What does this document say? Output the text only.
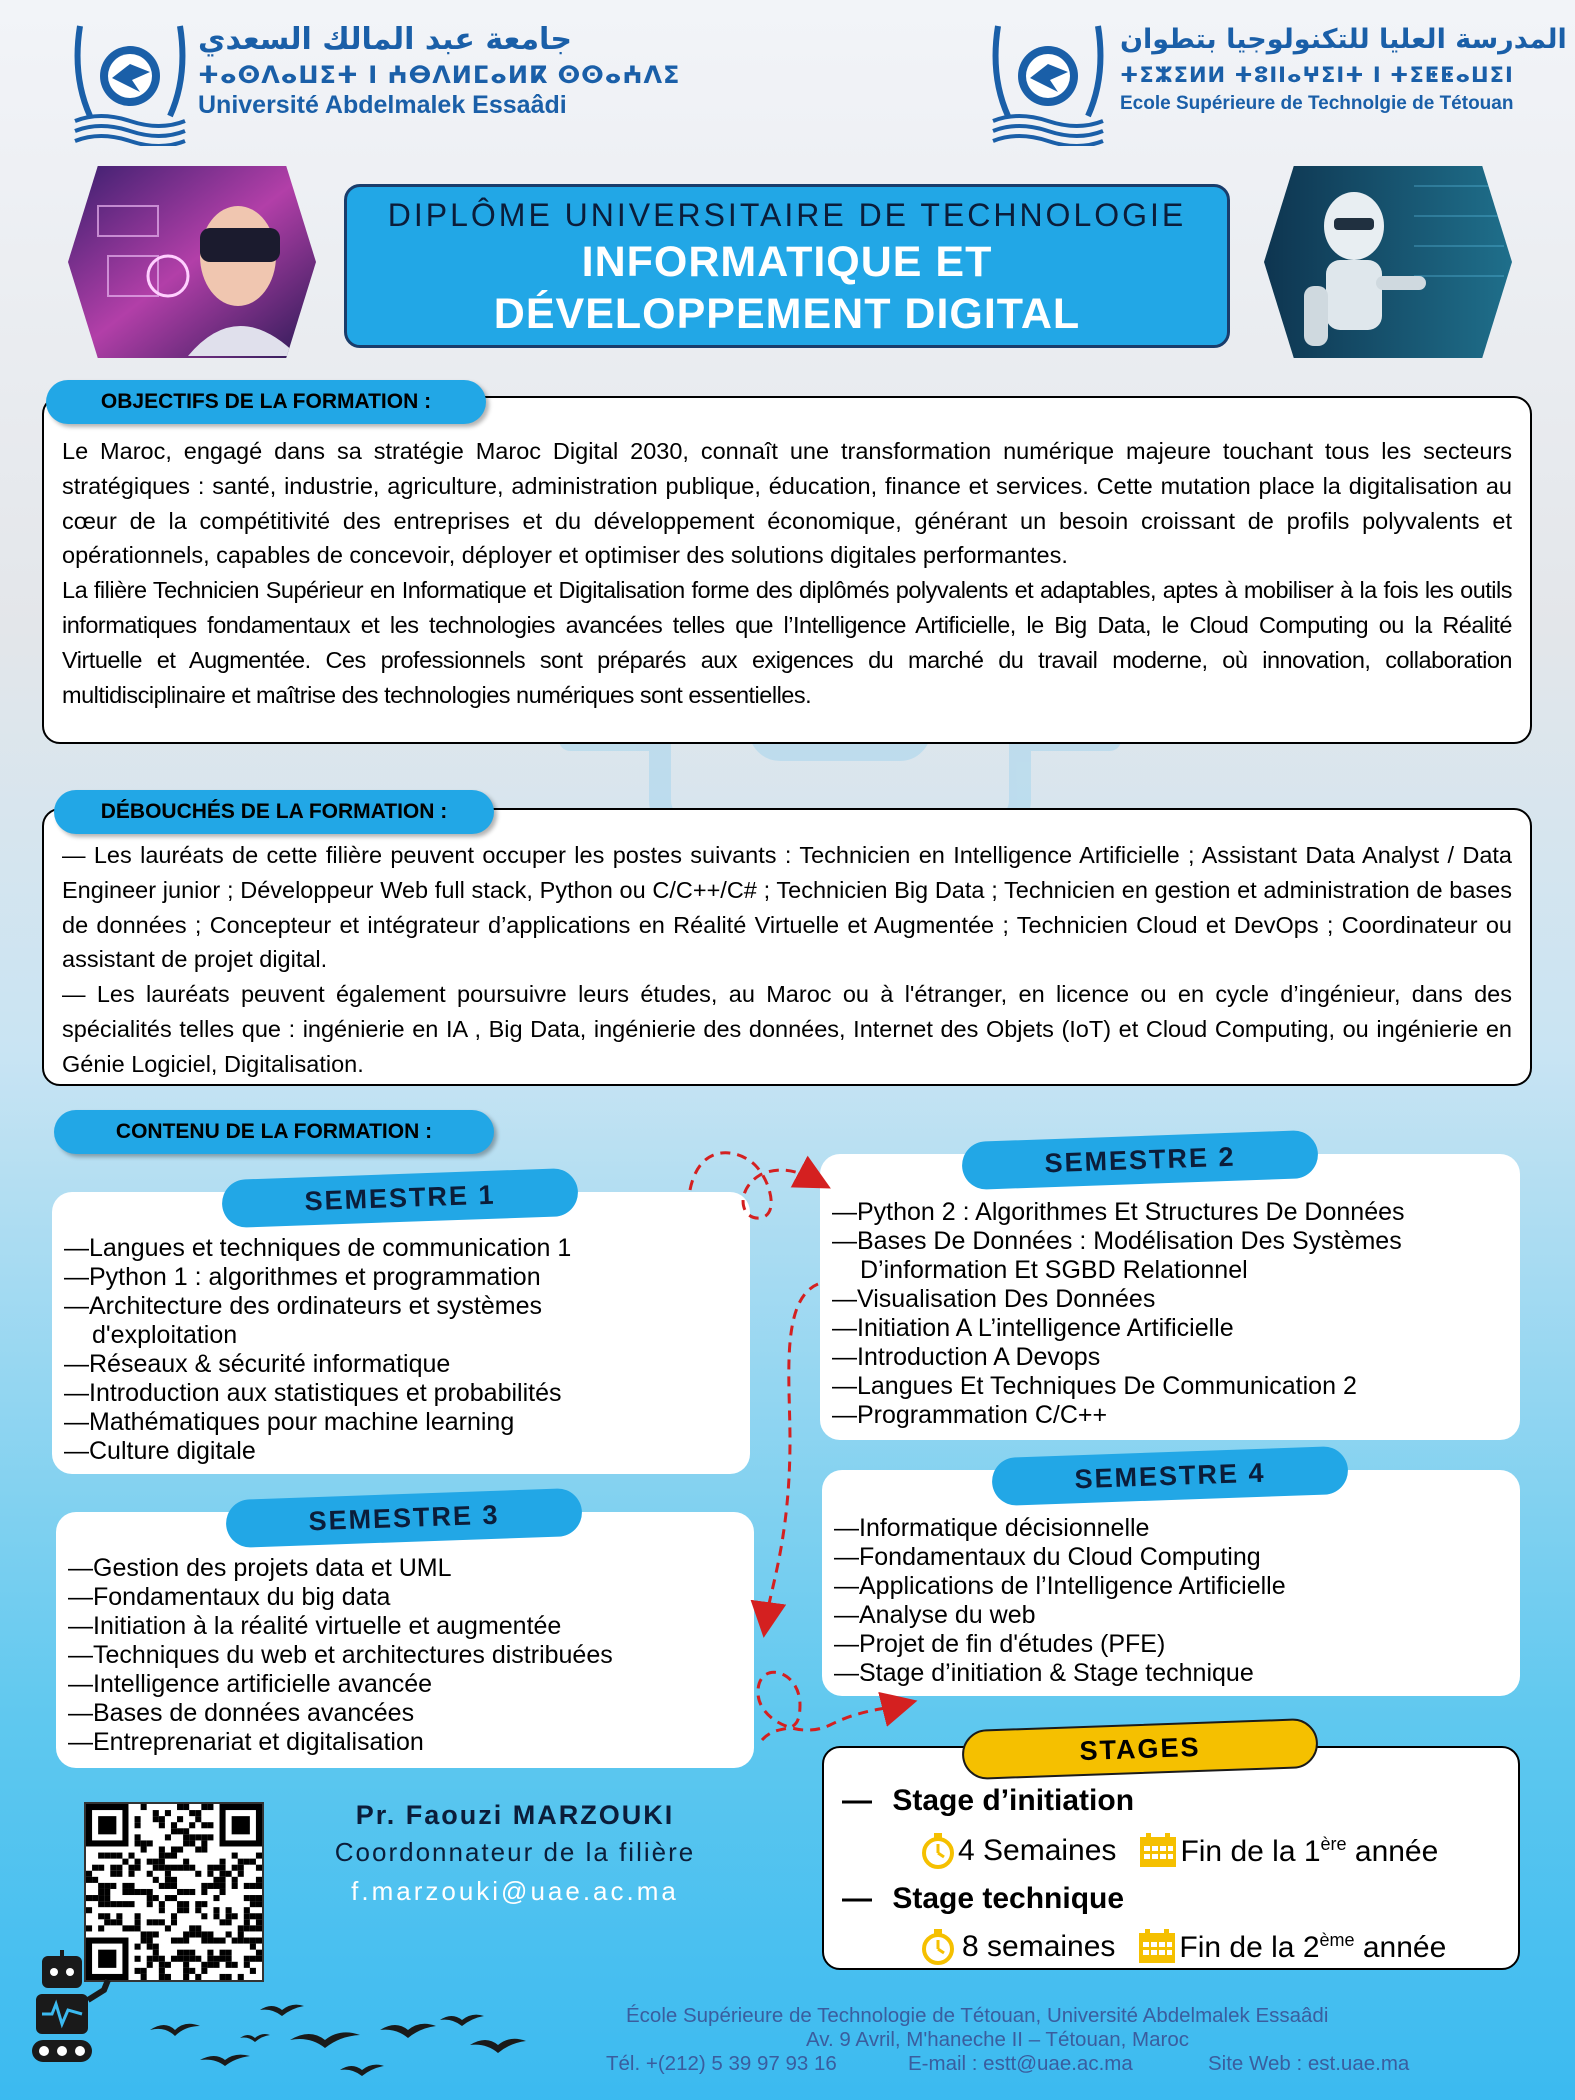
جامعة عبد المالك السعدي
ⵜⴰⵙⴷⴰⵡⵉⵜ ⵏ ⵄⴱⴷⵍⵎⴰⵍⴽ ⵙⵙⴰⵄⴷⵉ
Université Abdelmalek Essaâdi
المدرسة العليا للتكنولوجيا بتطوان
ⵜⵉⵣⵉⵍⵍ ⵜⵓⵏⵏⴰⵖⵉⵏⵜ ⵏ ⵜⵉⵟⵟⴰⵡⵉⵏ
Ecole Supérieure de Technolgie de Tétouan
DIPLÔME UNIVERSITAIRE DE TECHNOLOGIE
INFORMATIQUE ET
DÉVELOPPEMENT DIGITAL
Le Maroc, engagé dans sa stratégie Maroc Digital 2030, connaît une transformation numérique majeure touchant tous les secteurs stratégiques : santé, industrie, agriculture, administration publique, éducation, finance et services. Cette mutation place la digitalisation au cœur de la compétitivité des entreprises et du développement économique, générant un besoin croissant de profils polyvalents et opérationnels, capables de concevoir, déployer et optimiser des solutions digitales performantes.
La filière Technicien Supérieur en Informatique et Digitalisation forme des diplômés polyvalents et adaptables, aptes à mobiliser à la fois les outils informatiques fondamentaux et les technologies avancées telles que l’Intelligence Artificielle, le Big Data, le Cloud Computing ou la Réalité Virtuelle et Augmentée. Ces professionnels sont préparés aux exigences du marché du travail moderne, où innovation, collaboration multidisciplinaire et maîtrise des technologies numériques sont essentielles.
OBJECTIFS DE LA FORMATION :
— Les lauréats de cette filière peuvent occuper les postes suivants : Technicien en Intelligence Artificielle ; Assistant Data Analyst / Data Engineer junior ; Développeur Web full stack, Python ou C/C++/C# ; Technicien Big Data ; Technicien en gestion et administration de bases de données ; Concepteur et intégrateur d’applications en Réalité Virtuelle et Augmentée ; Technicien Cloud et DevOps ; Coordinateur ou assistant de projet digital.
— Les lauréats peuvent également poursuivre leurs études, au Maroc ou à l'étranger, en licence ou en cycle d’ingénieur, dans des spécialités telles que : ingénierie en IA , Big Data, ingénierie des données, Internet des Objets (IoT) et Cloud Computing, ou ingénierie en Génie Logiciel, Digitalisation.
DÉBOUCHÉS DE LA FORMATION :
CONTENU DE LA FORMATION :
—Langues et techniques de communication 1
—Python 1 : algorithmes et programmation
—Architecture des ordinateurs et systèmes
d'exploitation
—Réseaux & sécurité informatique
—Introduction aux statistiques et probabilités
—Mathématiques pour machine learning
—Culture digitale
SEMESTRE 1	—Python 2 : Algorithmes Et Structures De Données
—Bases De Données : Modélisation Des Systèmes
D’information Et SGBD Relationnel
—Visualisation Des Données
—Initiation A L’intelligence Artificielle
—Introduction A Devops
—Langues Et Techniques De Communication 2
—Programmation C/C++
SEMESTRE 2
—Gestion des projets data et UML
—Fondamentaux du big data
—Initiation à la réalité virtuelle et augmentée
—Techniques du web et architectures distribuées
—Intelligence artificielle avancée
—Bases de données avancées
—Entreprenariat et digitalisation
SEMESTRE 3	—Informatique décisionnelle
—Fondamentaux du Cloud Computing
—Applications de l’Intelligence Artificielle
—Analyse du web
—Projet de fin d'études (PFE)
—Stage d’initiation & Stage technique
SEMESTRE 4
— Stage d’initiation
4 Semaines Fin de la 1ère année
— Stage technique
8 semaines Fin de la 2ème année
STAGES
Pr. Faouzi MARZOUKI
Coordonnateur de la filière
f.marzouki@uae.ac.ma
École Supérieure de Technologie de Tétouan, Université Abdelmalek Essaâdi
Av. 9 Avril, M'haneche II – Tétouan, Maroc
Tél. +(212) 5 39 97 93 16	E-mail : estt@uae.ac.ma	Site Web : est.uae.ma
